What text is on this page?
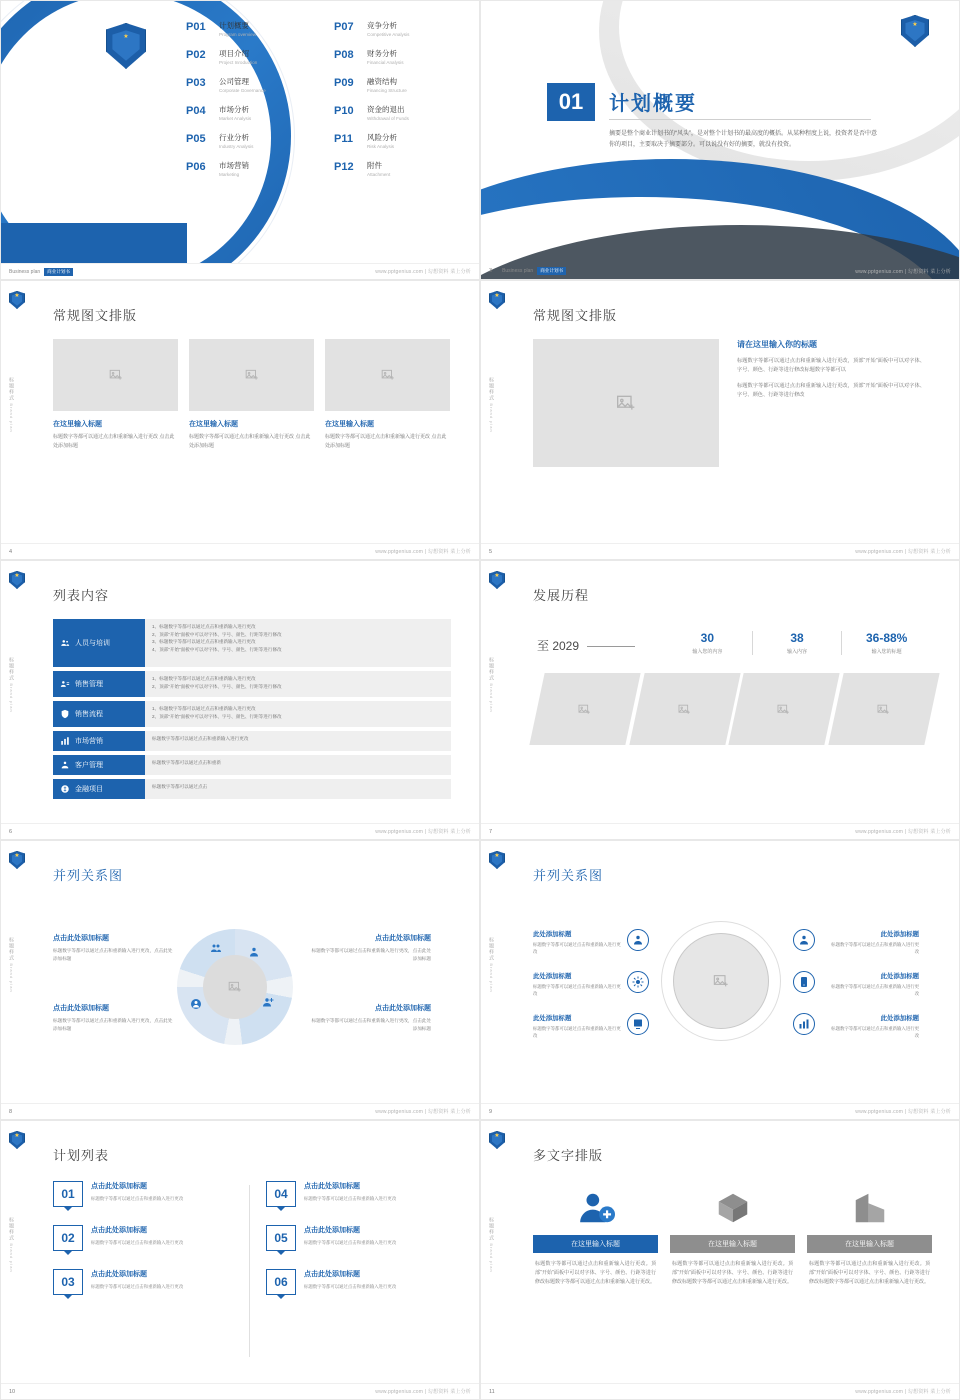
★
CONTENTS
目录
P01	计划概要
Program overview
P07	竞争分析
Competitive Analysis
P02	项目介绍
Project Inroduction
P08	财务分析
Financial Analysis
P03	公司管理
Corporate Governance
P09	融资结构
Financing Structure
P04	市场分析
Market Analysis
P10	资金的退出
Withdrawal of Funds
P05	行业分析
Industry Analysis
P11	风险分析
Risk Analysis
P06	市场营销
Marketing
P12	附件
Attachment
Business plan	商业计划书	www.pptgenius.com | 勾想资料 菜上分析
★
01	计划概要
摘要是整个商业计划书的“风头”，是对整个计划书的最高度的概括。从某种程度上说，投资者是否中意你的项目，主要取决于摘要部分。可以说没有好的摘要，就没有投资。
3 Business plan	商业计划书	www.pptgenius.com | 勾想资料 菜上分析
★
标题样式 Brand plan
常规图文排版
在这里输入标题
标题数字等都可以通过点击和重新输入进行更改 点击此处添加标题
在这里输入标题
标题数字等都可以通过点击和重新输入进行更改 点击此处添加标题
在这里输入标题
标题数字等都可以通过点击和重新输入进行更改 点击此处添加标题
4	www.pptgenius.com | 勾想资料 菜上分析
★
标题样式 Brand plan
常规图文排版
请在这里输入你的标题

标题数字等都可以通过点击和重新输入进行更改，顶部“开始”面板中可以对字体、字号、颜色、行距等进行修改标题数字等都可以

标题数字等都可以通过点击和重新输入进行更改，顶部“开始”面板中可以对字体、字号、颜色、行距等进行修改

5	www.pptgenius.com | 勾想资料 菜上分析
★
标题样式 Brand plan
列表内容
人员与培训
1、标题数字等都可以通过点击和重新输入进行更改
2、顶部“开始”面板中可以对字体、字号、颜色、行距等进行修改
3、标题数字等都可以通过点击和重新输入进行更改
4、顶部“开始”面板中可以对字体、字号、颜色、行距等进行修改
销售管理
1、标题数字等都可以通过点击和重新输入进行更改
2、顶部“开始”面板中可以对字体、字号、颜色、行距等进行修改
销售流程
1、标题数字等都可以通过点击和重新输入进行更改
2、顶部“开始”面板中可以对字体、字号、颜色、行距等进行修改
市场营销	标题数字等都可以通过点击和重新输入进行更改
客户管理	标题数字等都可以通过点击和重新
金融项目	标题数字等都可以通过点击
6	www.pptgenius.com | 勾想资料 菜上分析
★
标题样式 Brand plan
发展历程
至 2029
30
输入您的内容
38
输入内容
36-88%
输入您的标题
7	www.pptgenius.com | 勾想资料 菜上分析
★
标题样式 Brand plan
并列关系图
点击此处添加标题
标题数字等都可以通过点击和重新输入进行更改，点击此处添加标题
点击此处添加标题
标题数字等都可以通过点击和重新输入进行更改，点击此处添加标题
点击此处添加标题
标题数字等都可以通过点击和重新输入进行更改，点击此处添加标题
点击此处添加标题
标题数字等都可以通过点击和重新输入进行更改，点击此处添加标题
8	www.pptgenius.com | 勾想资料 菜上分析
★
标题样式 Brand plan
并列关系图
此处添加标题
标题数字等都可以通过点击和重新输入进行更改
此处添加标题
标题数字等都可以通过点击和重新输入进行更改
此处添加标题
标题数字等都可以通过点击和重新输入进行更改
此处添加标题
标题数字等都可以通过点击和重新输入进行更改
此处添加标题
标题数字等都可以通过点击和重新输入进行更改
此处添加标题
标题数字等都可以通过点击和重新输入进行更改
9	www.pptgenius.com | 勾想资料 菜上分析
★
标题样式 Brand plan
计划列表
01
点击此处添加标题
标题数字等都可以通过点击和重新输入进行更改	04
点击此处添加标题
标题数字等都可以通过点击和重新输入进行更改
02
点击此处添加标题
标题数字等都可以通过点击和重新输入进行更改	05
点击此处添加标题
标题数字等都可以通过点击和重新输入进行更改
03
点击此处添加标题
标题数字等都可以通过点击和重新输入进行更改	06
点击此处添加标题
标题数字等都可以通过点击和重新输入进行更改
10	www.pptgenius.com | 勾想资料 菜上分析
★
标题样式 Brand plan
多文字排版
在这里输入标题

标题数字等都可以通过点击和重新输入进行更改。顶部“开始”面板中可以对字体、字号、颜色、行距等进行修改标题数字等都可以通过点击和重新输入进行更改。

在这里输入标题

标题数字等都可以通过点击和重新输入进行更改。顶部“开始”面板中可以对字体、字号、颜色、行距等进行修改标题数字等都可以通过点击和重新输入进行更改。

在这里输入标题

标题数字等都可以通过点击和重新输入进行更改。顶部“开始”面板中可以对字体、字号、颜色、行距等进行修改标题数字等都可以通过点击和重新输入进行更改。

11	www.pptgenius.com | 勾想资料 菜上分析
